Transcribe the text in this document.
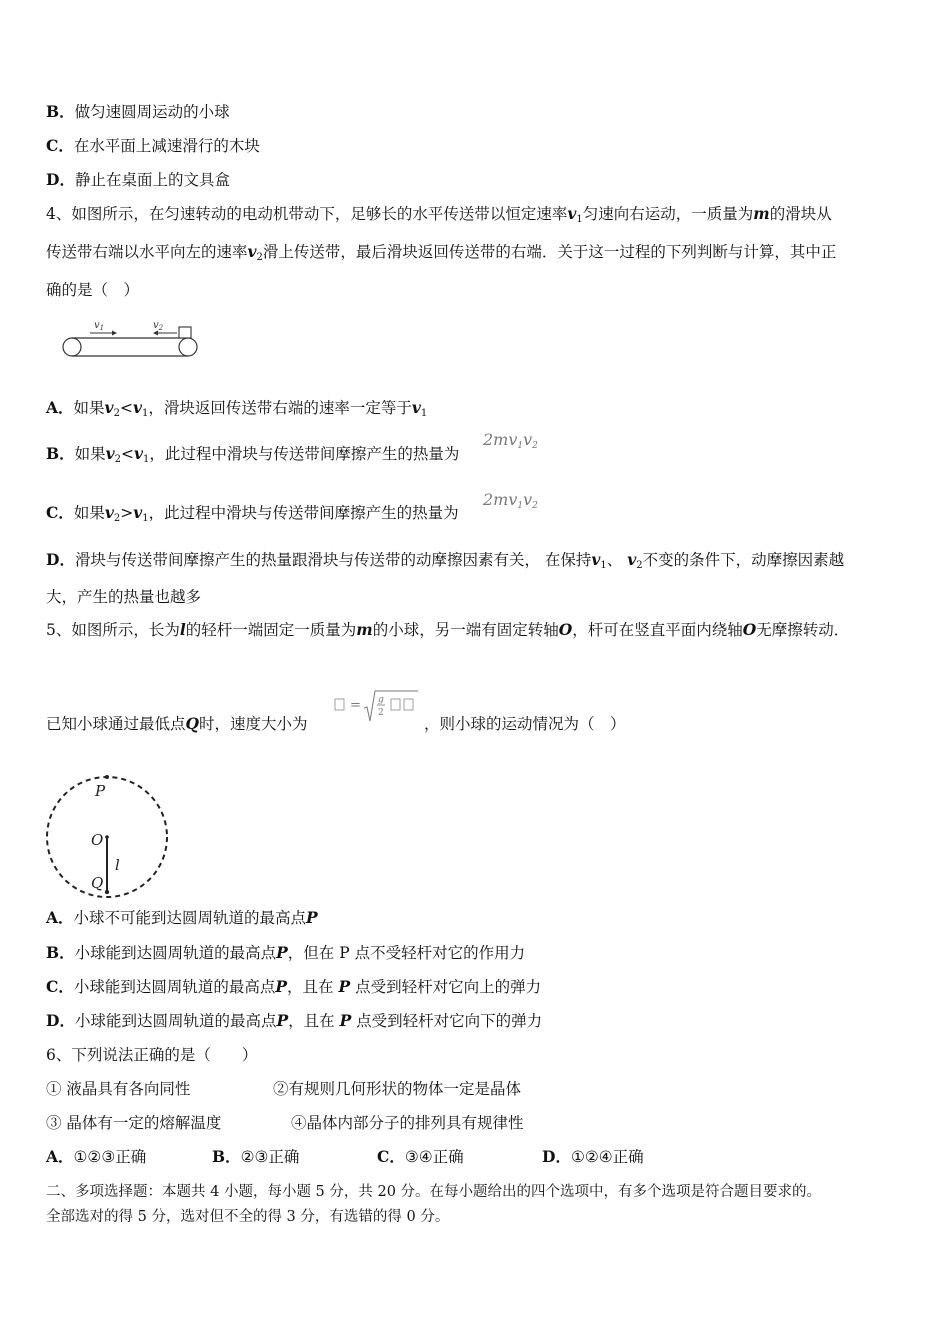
B．做匀速圆周运动的小球
C．在水平面上减速滑行的木块
D．静止在桌面上的文具盒
4、如图所示，在匀速转动的电动机带动下，足够长的水平传送带以恒定速率$v_1$匀速向右运动，一质量为m的滑块从
传送带右端以水平向左的速率$v_2$滑上传送带，最后滑块返回传送带的右端．关于这一过程的下列判断与计算，其中正
确的是（　）
$v_1$	$v_2$
A．如果$v_2<v_1$，滑块返回传送带右端的速率一定等于$v_1$
B．如果$v_2<v_1$，此过程中滑块与传送带间摩擦产生的热量为
$2mv_1v_2$
C．如果$v_2>v_1$，此过程中滑块与传送带间摩擦产生的热量为
$2mv_1v_2$
D．滑块与传送带间摩擦产生的热量跟滑块与传送带的动摩擦因素有关， 在保持$v_1$、 $v_2$不变的条件下，动摩擦因素越
大，产生的热量也越多
5、如图所示，长为l的轻杆一端固定一质量为m的小球，另一端有固定转轴O，杆可在竖直平面内绕轴O无摩擦转动．
已知小球通过最低点Q时，速度大小为
= g
2
，则小球的运动情况为（　）
P
O
l
Q
A．小球不可能到达圆周轨道的最高点P
B．小球能到达圆周轨道的最高点P，但在 P 点不受轻杆对它的作用力
C．小球能到达圆周轨道的最高点P，且在 P 点受到轻杆对它向上的弹力
D．小球能到达圆周轨道的最高点P，且在 P 点受到轻杆对它向下的弹力
6、下列说法正确的是（　　）
① 液晶具有各向同性	②有规则几何形状的物体一定是晶体
③ 晶体有一定的熔解温度	④晶体内部分子的排列具有规律性
A．①②③正确	B．②③正确	C．③④正确	D．①②④正确
二、多项选择题：本题共 4 小题，每小题 5 分，共 20 分。在每小题给出的四个选项中，有多个选项是符合题目要求的。
全部选对的得 5 分，选对但不全的得 3 分，有选错的得 0 分。
